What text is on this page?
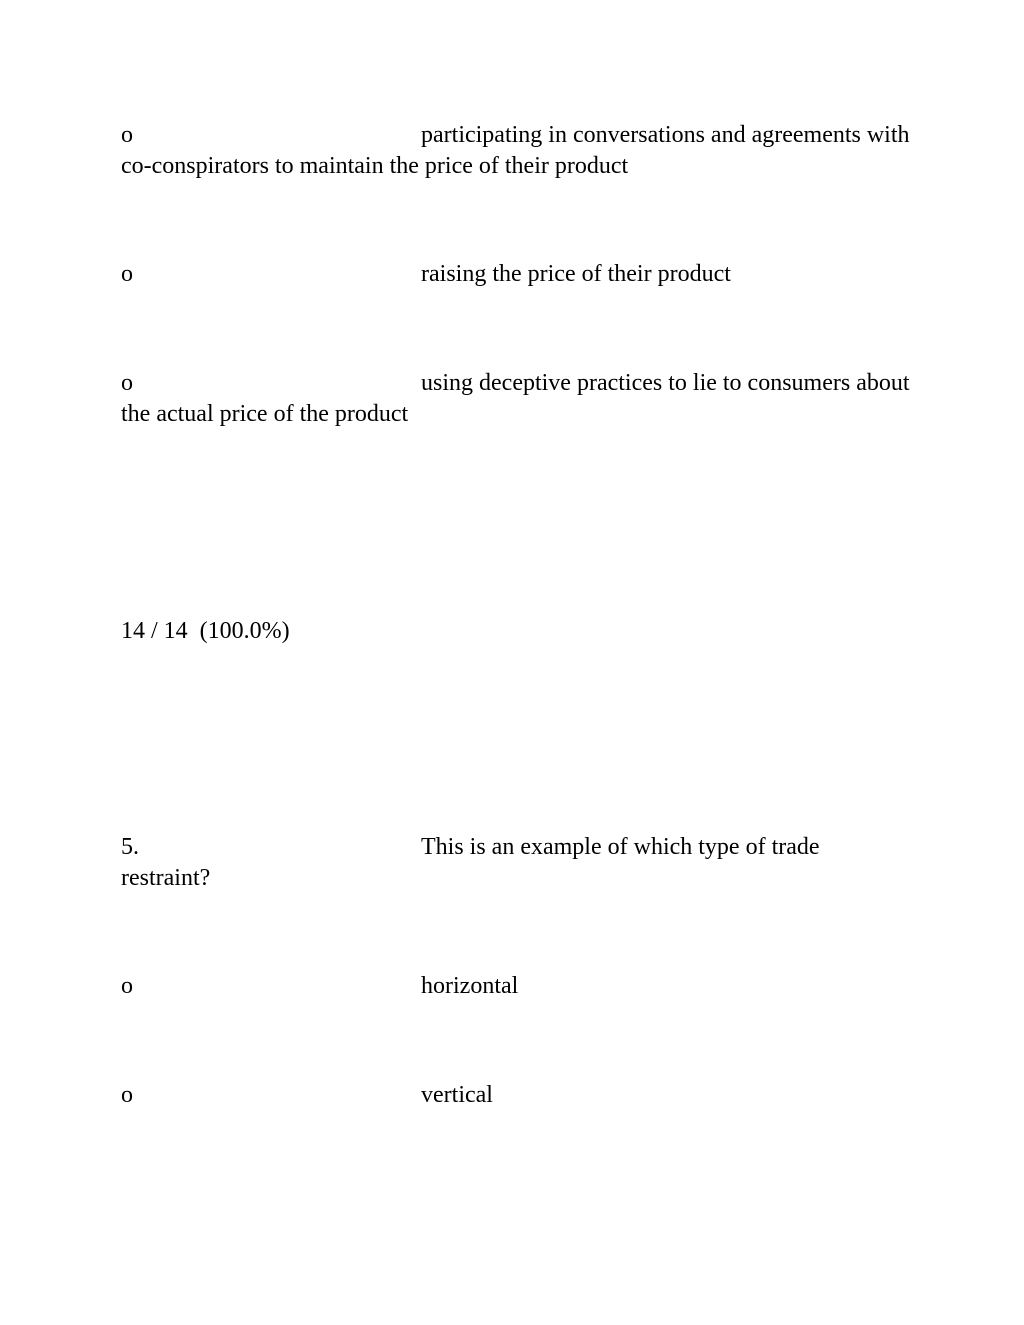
o	participating in conversations and agreements with co-conspirators to maintain the price of their product

o	raising the price of their product

o	using deceptive practices to lie to consumers about the actual price of the product

14 / 14  (100.0%)

5.	This is an example of which type of trade restraint?

o	horizontal

o	vertical
